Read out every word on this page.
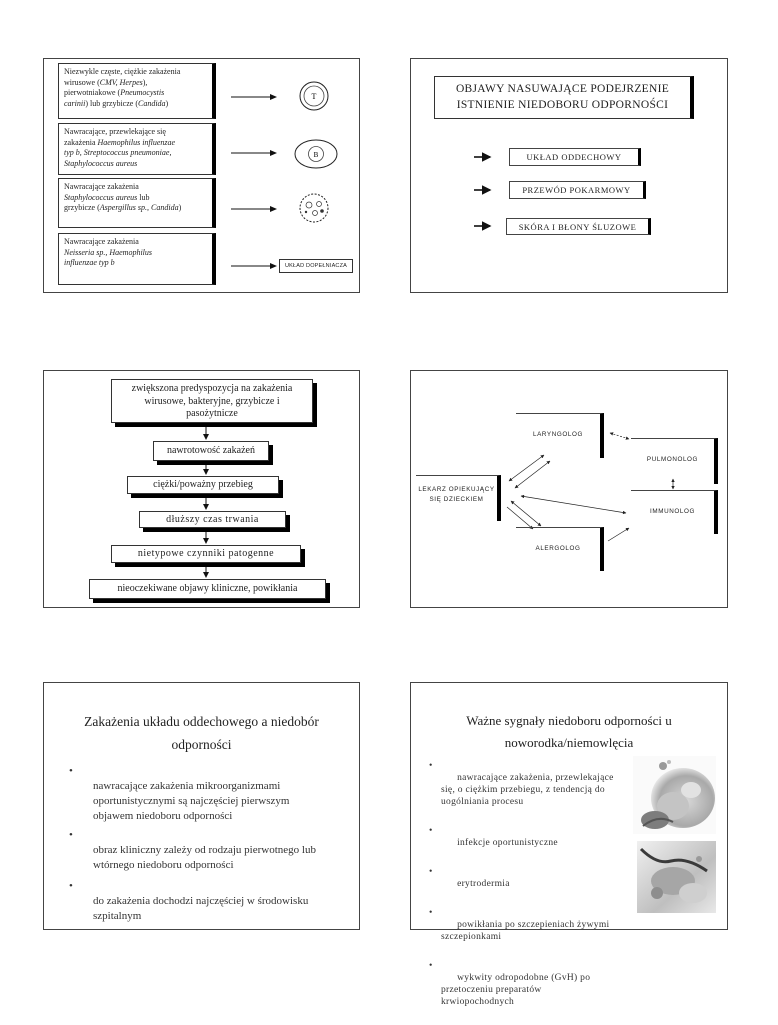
Niezwykle częste, ciężkie zakażenia
wirusowe (CMV, Herpes),
pierwotniakowe (Pneumocystis
carinii) lub grzybicze (Candida)
Nawracające, przewlekające się
zakażenia Haemophilus influenzae
typ b, Streptococcus pneumoniae,
Staphylococcus aureus
Nawracające zakażenia
Staphylococcus aureus lub
grzybicze (Aspergillus sp., Candida)
Nawracające zakażenia
Neisseria sp., Haemophilus
influenzae typ b
T
B
UKŁAD DOPEŁNIACZA
OBJAWY NASUWAJĄCE PODEJRZENIE
ISTNIENIE NIEDOBORU ODPORNOŚCI
UKŁAD ODDECHOWY
PRZEWÓD POKARMOWY
SKÓRA I BŁONY ŚLUZOWE
zwiększona predyspozycja na zakażenia
wirusowe, bakteryjne, grzybicze i
pasożytnicze
nawrotowość zakażeń
ciężki/poważny przebieg
dłuższy czas trwania
nietypowe czynniki patogenne
nieoczekiwane objawy kliniczne, powikłania
LARYNGOLOG
PULMONOLOG
LEKARZ OPIEKUJĄCY
SIĘ DZIECKIEM
IMMUNOLOG
ALERGOLOG
Zakażenia układu oddechowego a niedobór
odporności

•
nawracające zakażenia mikroorganizmami
oportunistycznymi są najczęściej pierwszym
objawem niedoboru odporności

•
obraz kliniczny zależy od rodzaju pierwotnego lub
wtórnego niedoboru odporności

•
do zakażenia dochodzi najczęściej w środowisku
szpitalnym

Ważne sygnały niedoboru odporności u
noworodka/niemowlęcia

•
nawracające zakażenia, przewlekające
się, o ciężkim przebiegu, z tendencją do
uogólniania procesu

•
infekcje oportunistyczne

•
erytrodermia

•
powikłania po szczepieniach żywymi
szczepionkami

•
wykwity odropodobne (GvH) po
przetoczeniu preparatów
krwiopochodnych
